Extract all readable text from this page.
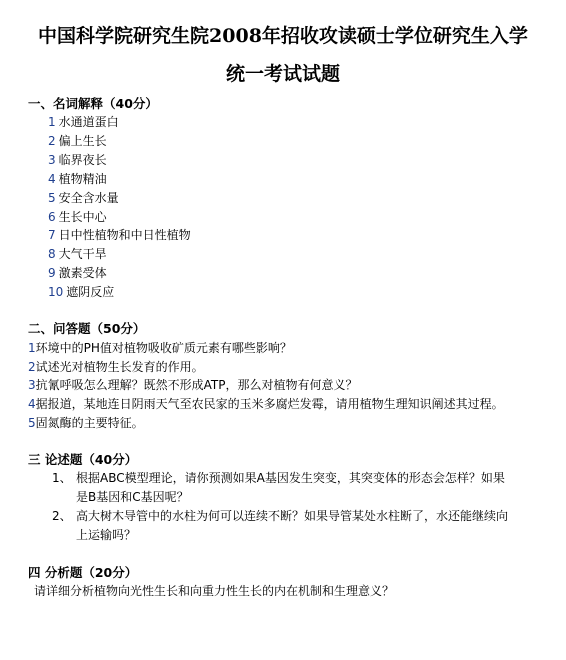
中国科学院研究生院2008年招收攻读硕士学位研究生入学
统一考试试题
一、名词解释（40分）
1 水通道蛋白
2 偏上生长
3 临界夜长
4 植物精油
5 安全含水量
6 生长中心
7 日中性植物和中日性植物
8 大气干旱
9 激素受体
10 遮阴反应
二、问答题（50分）
1环境中的PH值对植物吸收矿质元素有哪些影响？
2试述光对植物生长发育的作用。
3抗氰呼吸怎么理解？既然不形成ATP，那么对植物有何意义？
4据报道，某地连日阴雨天气至农民家的玉米多腐烂发霉，请用植物生理知识阐述其过程。
5固氮酶的主要特征。
三 论述题（40分）
1、 根据ABC模型理论，请你预测如果A基因发生突变，其突变体的形态会怎样？如果
是B基因和C基因呢？
2、 高大树木导管中的水柱为何可以连续不断？如果导管某处水柱断了，水还能继续向
上运输吗？
四 分析题（20分）
请详细分析植物向光性生长和向重力性生长的内在机制和生理意义？
